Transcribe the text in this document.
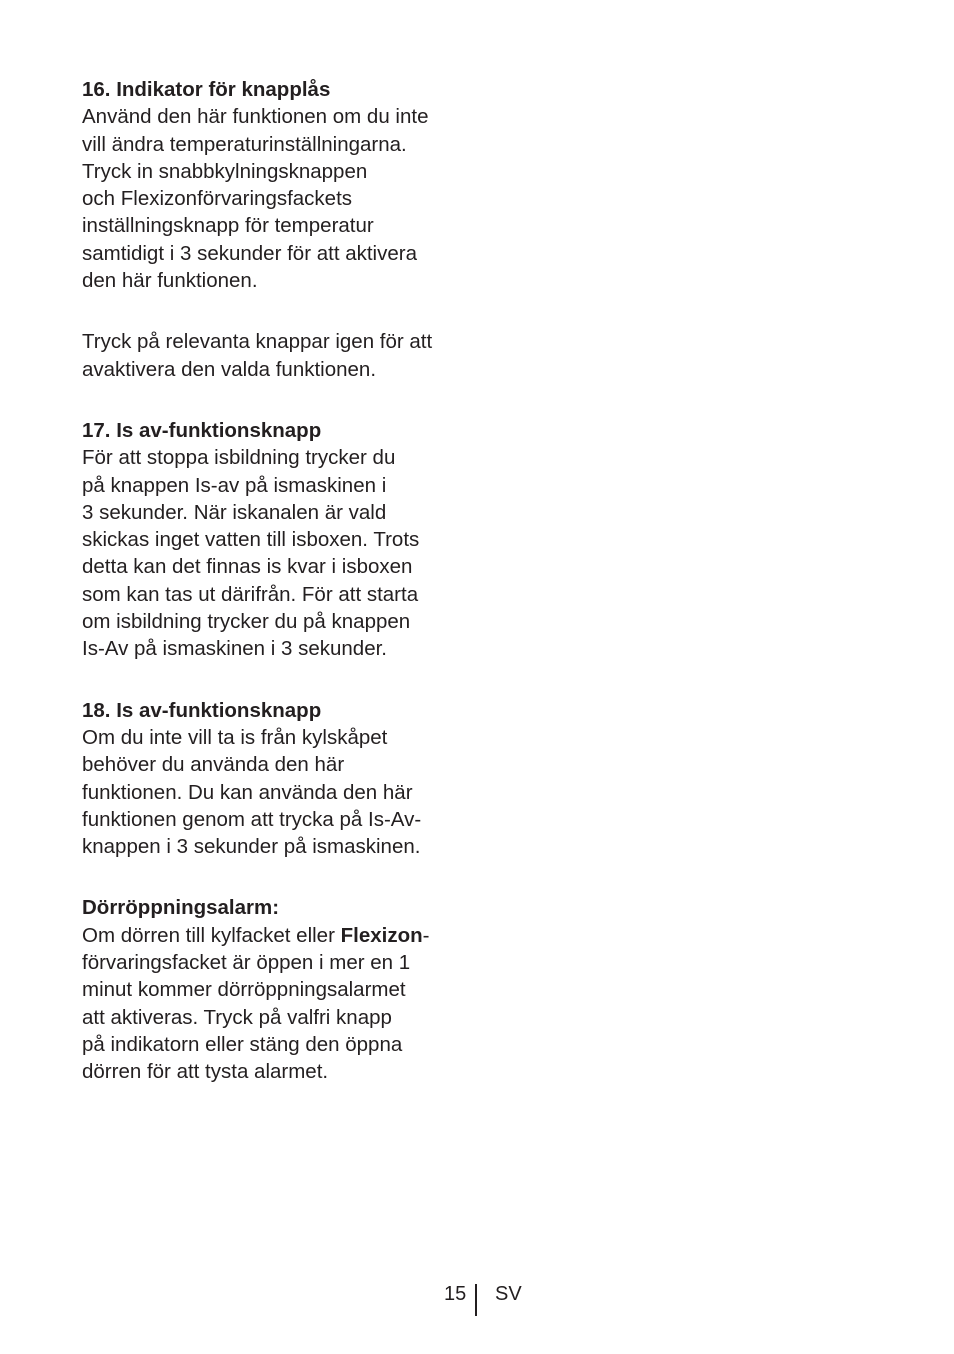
16. Indikator för knapplås
Använd den här funktionen om du inte
vill ändra temperaturinställningarna.
Tryck in snabbkylningsknappen
och Flexizonförvaringsfackets
inställningsknapp för temperatur
samtidigt i 3 sekunder för att aktivera
den här funktionen.
Tryck på relevanta knappar igen för att
avaktivera den valda funktionen.
17. Is av-funktionsknapp
För att stoppa isbildning trycker du
på knappen Is-av på ismaskinen i
3 sekunder. När iskanalen är vald
skickas inget vatten till isboxen. Trots
detta kan det finnas is kvar i isboxen
som kan tas ut därifrån. För att starta
om isbildning trycker du på knappen
Is-Av på ismaskinen i 3 sekunder.
18. Is av-funktionsknapp
Om du inte vill ta is från kylskåpet
behöver du använda den här
funktionen. Du kan använda den här
funktionen genom att trycka på Is-Av-
knappen i 3 sekunder på ismaskinen.
Dörröppningsalarm:
Om dörren till kylfacket eller Flexizon-
förvaringsfacket är öppen i mer en 1
minut kommer dörröppningsalarmet
att aktiveras. Tryck på valfri knapp
på indikatorn eller stäng den öppna
dörren för att tysta alarmet.
15 SV
